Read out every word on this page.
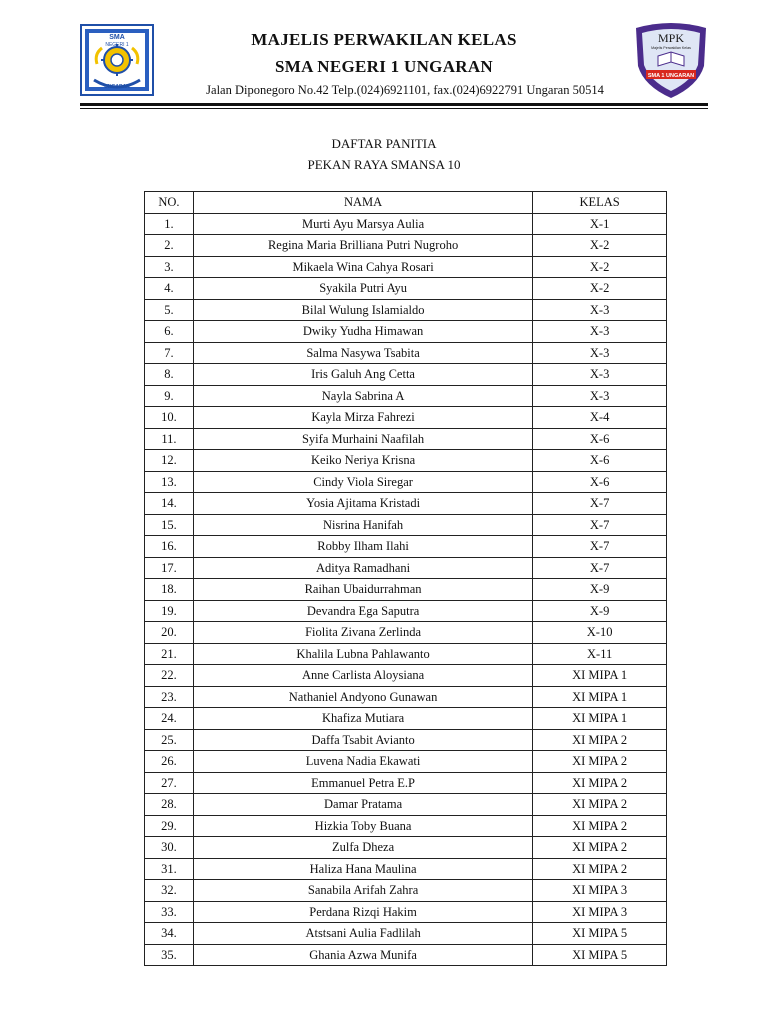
SMA
NEGERI 1
UNGARAN
MAJELIS PERWAKILAN KELAS
SMA NEGERI 1 UNGARAN
Jalan Diponegoro No.42 Telp.(024)6921101, fax.(024)6922791 Ungaran 50514
MPK
Majelis Perwakilan Kelas
SMA 1 UNGARAN
DAFTAR PANITIA
PEKAN RAYA SMANSA 10
NO.	NAMA	KELAS
1.	Murti Ayu Marsya Aulia	X-1
2.	Regina Maria Brilliana Putri Nugroho	X-2
3.	Mikaela Wina Cahya Rosari	X-2
4.	Syakila Putri Ayu	X-2
5.	Bilal Wulung Islamialdo	X-3
6.	Dwiky Yudha Himawan	X-3
7.	Salma Nasywa Tsabita	X-3
8.	Iris Galuh Ang Cetta	X-3
9.	Nayla Sabrina A	X-3
10.	Kayla Mirza Fahrezi	X-4
11.	Syifa Murhaini Naafilah	X-6
12.	Keiko Neriya Krisna	X-6
13.	Cindy Viola Siregar	X-6
14.	Yosia Ajitama Kristadi	X-7
15.	Nisrina Hanifah	X-7
16.	Robby Ilham Ilahi	X-7
17.	Aditya Ramadhani	X-7
18.	Raihan Ubaidurrahman	X-9
19.	Devandra Ega Saputra	X-9
20.	Fiolita Zivana Zerlinda	X-10
21.	Khalila Lubna Pahlawanto	X-11
22.	Anne Carlista Aloysiana	XI MIPA 1
23.	Nathaniel Andyono Gunawan	XI MIPA 1
24.	Khafiza Mutiara	XI MIPA 1
25.	Daffa Tsabit Avianto	XI MIPA 2
26.	Luvena Nadia Ekawati	XI MIPA 2
27.	Emmanuel Petra E.P	XI MIPA 2
28.	Damar Pratama	XI MIPA 2
29.	Hizkia Toby Buana	XI MIPA 2
30.	Zulfa Dheza	XI MIPA 2
31.	Haliza Hana Maulina	XI MIPA 2
32.	Sanabila Arifah Zahra	XI MIPA 3
33.	Perdana Rizqi Hakim	XI MIPA 3
34.	Atstsani Aulia Fadlilah	XI MIPA 5
35.	Ghania Azwa Munifa	XI MIPA 5
